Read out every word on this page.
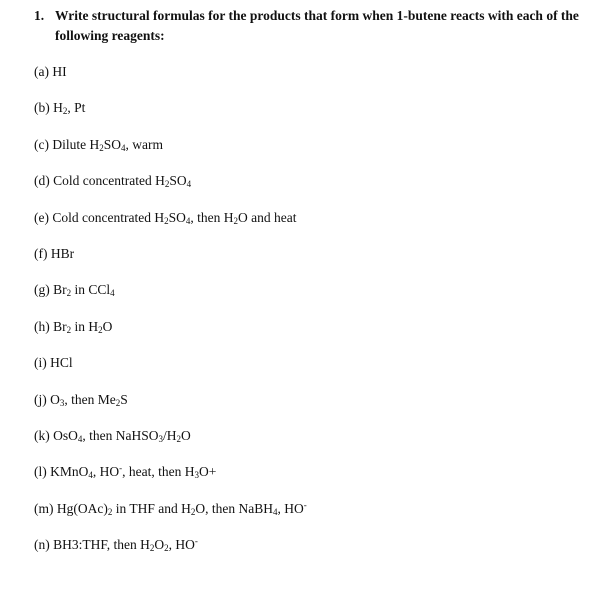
1. Write structural formulas for the products that form when 1-butene reacts with each of the following reagents:
(a) HI
(b) $H_2$, Pt
(c) Dilute $H_2SO_4$, warm
(d) Cold concentrated $H_2SO_4$
(e) Cold concentrated $H_2SO_4$, then $H_2O$ and heat
(f) HBr
(g) $Br_2$ in CCl$_4$
(h) $Br_2$ in $H_2O$
(i) HCl
(j) $O_3$, then $Me_2S$
(k) OsO$_4$, then $NaHSO_3/H_2O$
(l) KMnO$_4$, HO-, heat, then $H_3O+$
(m) $Hg(OAc)_2$ in THF and $H_2O$, then NaBH$_4$, HO-
(n) BH3:THF, then $H_2O_2$, HO-
